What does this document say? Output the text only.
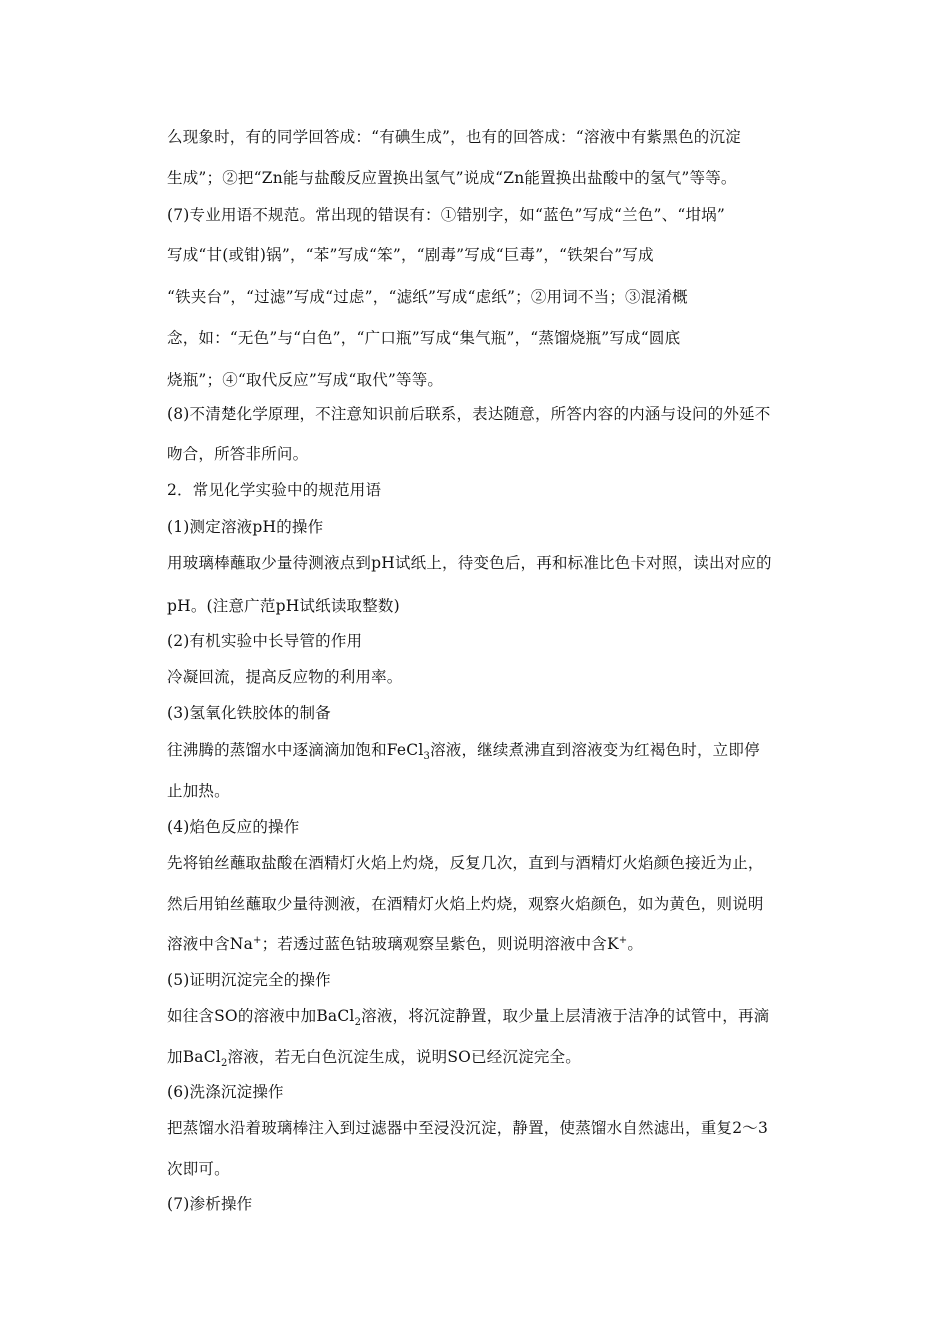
么现象时，有的同学回答成：“有碘生成”，也有的回答成：“溶液中有紫黑色的沉淀
生成”；②把“Zn能与盐酸反应置换出氢气”说成“Zn能置换出盐酸中的氢气”等等。
(7)专业用语不规范。常出现的错误有：①错别字，如“蓝色”写成“兰色”、“坩埚”
写成“甘(或钳)锅”，“苯”写成“笨”，“剧毒”写成“巨毒”，“铁架台”写成
“铁夹台”，“过滤”写成“过虑”，“滤纸”写成“虑纸”；②用词不当；③混淆概
念，如：“无色”与“白色”，“广口瓶”写成“集气瓶”，“蒸馏烧瓶”写成“圆底
烧瓶”；④“取代反应”写成“取代”等等。
(8)不清楚化学原理，不注意知识前后联系，表达随意，所答内容的内涵与设问的外延不
吻合，所答非所问。
2．常见化学实验中的规范用语
(1)测定溶液pH的操作
用玻璃棒蘸取少量待测液点到pH试纸上，待变色后，再和标准比色卡对照，读出对应的
pH。(注意广范pH试纸读取整数)
(2)有机实验中长导管的作用
冷凝回流，提高反应物的利用率。
(3)氢氧化铁胶体的制备
往沸腾的蒸馏水中逐滴滴加饱和FeCl$_3$溶液，继续煮沸直到溶液变为红褐色时，立即停
止加热。
(4)焰色反应的操作
先将铂丝蘸取盐酸在酒精灯火焰上灼烧，反复几次，直到与酒精灯火焰颜色接近为止，
然后用铂丝蘸取少量待测液，在酒精灯火焰上灼烧，观察火焰颜色，如为黄色，则说明
溶液中含Na+；若透过蓝色钴玻璃观察呈紫色，则说明溶液中含K+。
(5)证明沉淀完全的操作
如往含SO的溶液中加BaCl$_2$溶液，将沉淀静置，取少量上层清液于洁净的试管中，再滴
加BaCl$_2$溶液，若无白色沉淀生成，说明SO已经沉淀完全。
(6)洗涤沉淀操作
把蒸馏水沿着玻璃棒注入到过滤器中至浸没沉淀，静置，使蒸馏水自然滤出，重复2～3
次即可。
(7)渗析操作
